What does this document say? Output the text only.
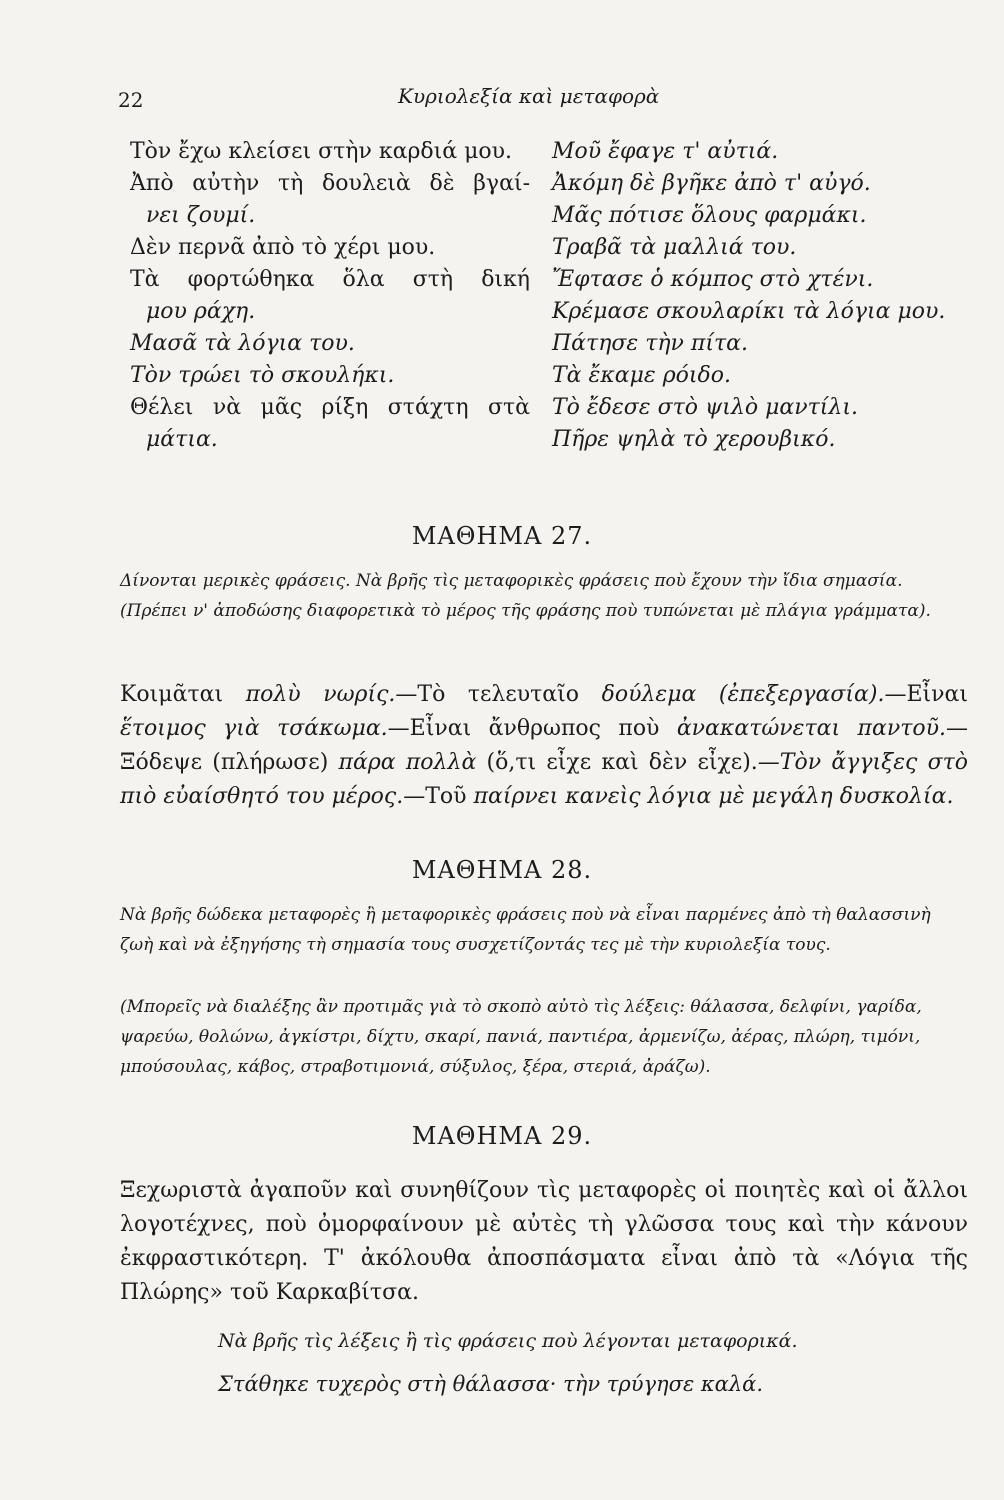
22	Κυριολεξία καὶ μεταφορὰ
Τὸν ἔχω κλείσει στὴν καρδιά μου.
Ἀπὸ αὐτὴν τὴ δουλειὰ δὲ βγαί-
νει ζουμί.
Δὲν περνᾶ ἀπὸ τὸ χέρι μου.
Τὰ φορτώθηκα ὅλα στὴ δική
μου ράχη.
Μασᾶ τὰ λόγια του.
Τὸν τρώει τὸ σκουλήκι.
Θέλει νὰ μᾶς ρίξη στάχτη στὰ
μάτια.
Μοῦ ἔφαγε τ' αὐτιά.
Ἀκόμη δὲ βγῆκε ἀπὸ τ' αὐγό.
Μᾶς πότισε ὅλους φαρμάκι.
Τραβᾶ τὰ μαλλιά του.
Ἔφτασε ὁ κόμπος στὸ χτένι.
Κρέμασε σκουλαρίκι τὰ λόγια μου.
Πάτησε τὴν πίτα.
Τὰ ἔκαμε ρόιδο.
Τὸ ἔδεσε στὸ ψιλὸ μαντίλι.
Πῆρε ψηλὰ τὸ χερουβικό.
ΜΑΘΗΜΑ 27.
Δίνονται μερικὲς φράσεις. Νὰ βρῆς τὶς μεταφορικὲς φράσεις ποὺ ἔχουν τὴν ἴδια σημασία. (Πρέπει ν' ἀποδώσης διαφορετικὰ τὸ μέρος τῆς φράσης ποὺ τυπώνεται μὲ πλάγια γράμματα).
Κοιμᾶται πολὺ νωρίς.—Τὸ τελευταῖο δούλεμα (ἐπεξεργασία).—Εἶναι ἕτοιμος γιὰ τσάκωμα.—Εἶναι ἄνθρωπος ποὺ ἀνακατώνεται παντοῦ.—Ξόδεψε (πλήρωσε) πάρα πολλὰ (ὅ,τι εἶχε καὶ δὲν εἶχε).—Τὸν ἄγγιξες στὸ πιὸ εὐαίσθητό του μέρος.—Τοῦ παίρνει κανεὶς λόγια μὲ μεγάλη δυσκολία.
ΜΑΘΗΜΑ 28.
Νὰ βρῆς δώδεκα μεταφορὲς ἢ μεταφορικὲς φράσεις ποὺ νὰ εἶναι παρμένες ἀπὸ τὴ θαλασσινὴ ζωὴ καὶ νὰ ἐξηγήσης τὴ σημασία τους συσχετίζοντάς τες μὲ τὴν κυριολεξία τους.
(Μπορεῖς νὰ διαλέξης ἂν προτιμᾶς γιὰ τὸ σκοπὸ αὐτὸ τὶς λέξεις: θάλασσα, δελφίνι, γαρίδα, ψαρεύω, θολώνω, ἀγκίστρι, δίχτυ, σκαρί, πανιά, παντιέρα, ἀρμενίζω, ἀέρας, πλώρη, τιμόνι, μπούσουλας, κάβος, στραβοτιμονιά, σύξυλος, ξέρα, στεριά, ἀράζω).
ΜΑΘΗΜΑ 29.
Ξεχωριστὰ ἀγαποῦν καὶ συνηθίζουν τὶς μεταφορὲς οἱ ποιητὲς καὶ οἱ ἄλλοι λογοτέχνες, ποὺ ὀμορφαίνουν μὲ αὐτὲς τὴ γλῶσσα τους καὶ τὴν κάνουν ἐκφραστικότερη. Τ' ἀκόλουθα ἀποσπάσματα εἶναι ἀπὸ τὰ «Λόγια τῆς Πλώρης» τοῦ Καρκαβίτσα.
Νὰ βρῆς τὶς λέξεις ἢ τὶς φράσεις ποὺ λέγονται μεταφορικά.
Στάθηκε τυχερὸς στὴ θάλασσα· τὴν τρύγησε καλά.
